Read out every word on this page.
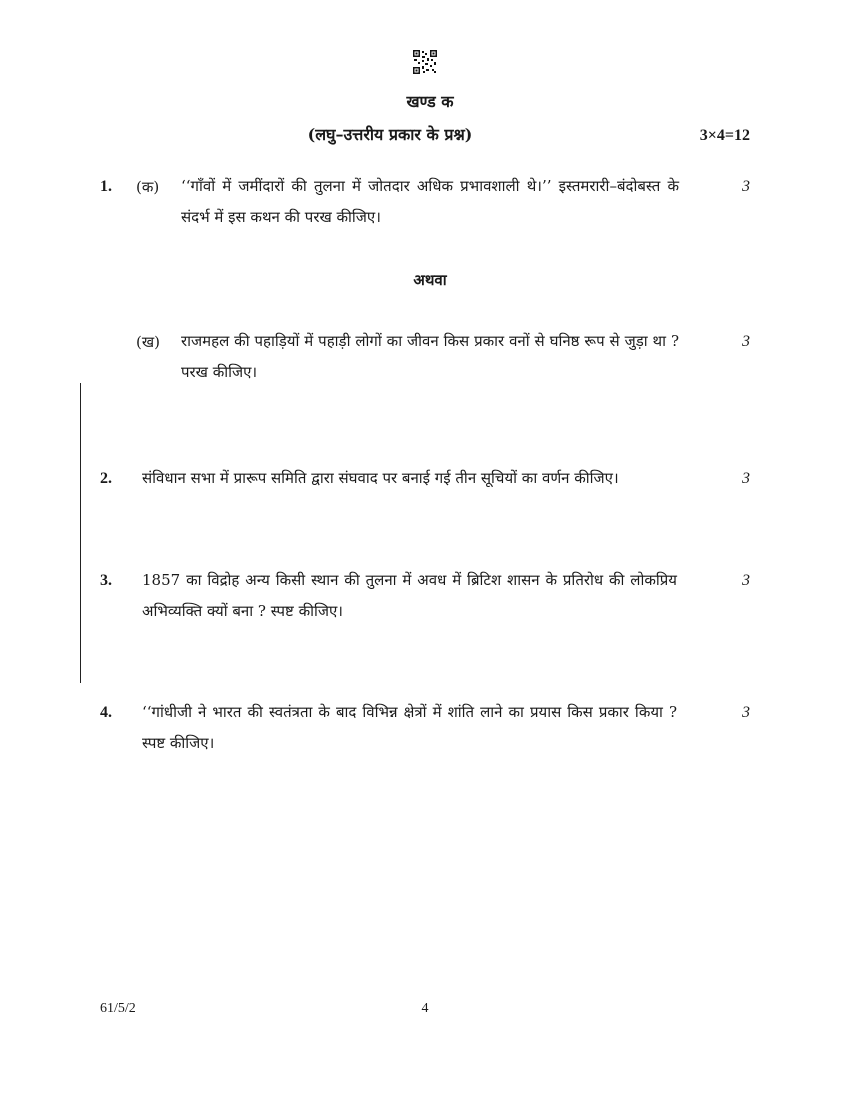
खण्ड क
(लघु–उत्तरीय प्रकार के प्रश्न)	3×4=12
1.	(क) ‘‘गाँवों में जमींदारों की तुलना में जोतदार अधिक प्रभावशाली थे।’’ इस्तमरारी–बंदोबस्त के संदर्भ में इस कथन की परख कीजिए।
3
अथवा
(ख) राजमहल की पहाड़ियों में पहाड़ी लोगों का जीवन किस प्रकार वनों से घनिष्ठ रूप से जुड़ा था ? परख कीजिए।
3
2.	संविधान सभा में प्रारूप समिति द्वारा संघवाद पर बनाई गई तीन सूचियों का वर्णन कीजिए।	3
3.	1857 का विद्रोह अन्य किसी स्थान की तुलना में अवध में ब्रिटिश शासन के प्रतिरोध की लोकप्रिय अभिव्यक्ति क्यों बना ? स्पष्ट कीजिए।
3
4.	‘‘गांधीजी ने भारत की स्वतंत्रता के बाद विभिन्न क्षेत्रों में शांति लाने का प्रयास किस प्रकार किया ? स्पष्ट कीजिए।
3
61/5/2	4
